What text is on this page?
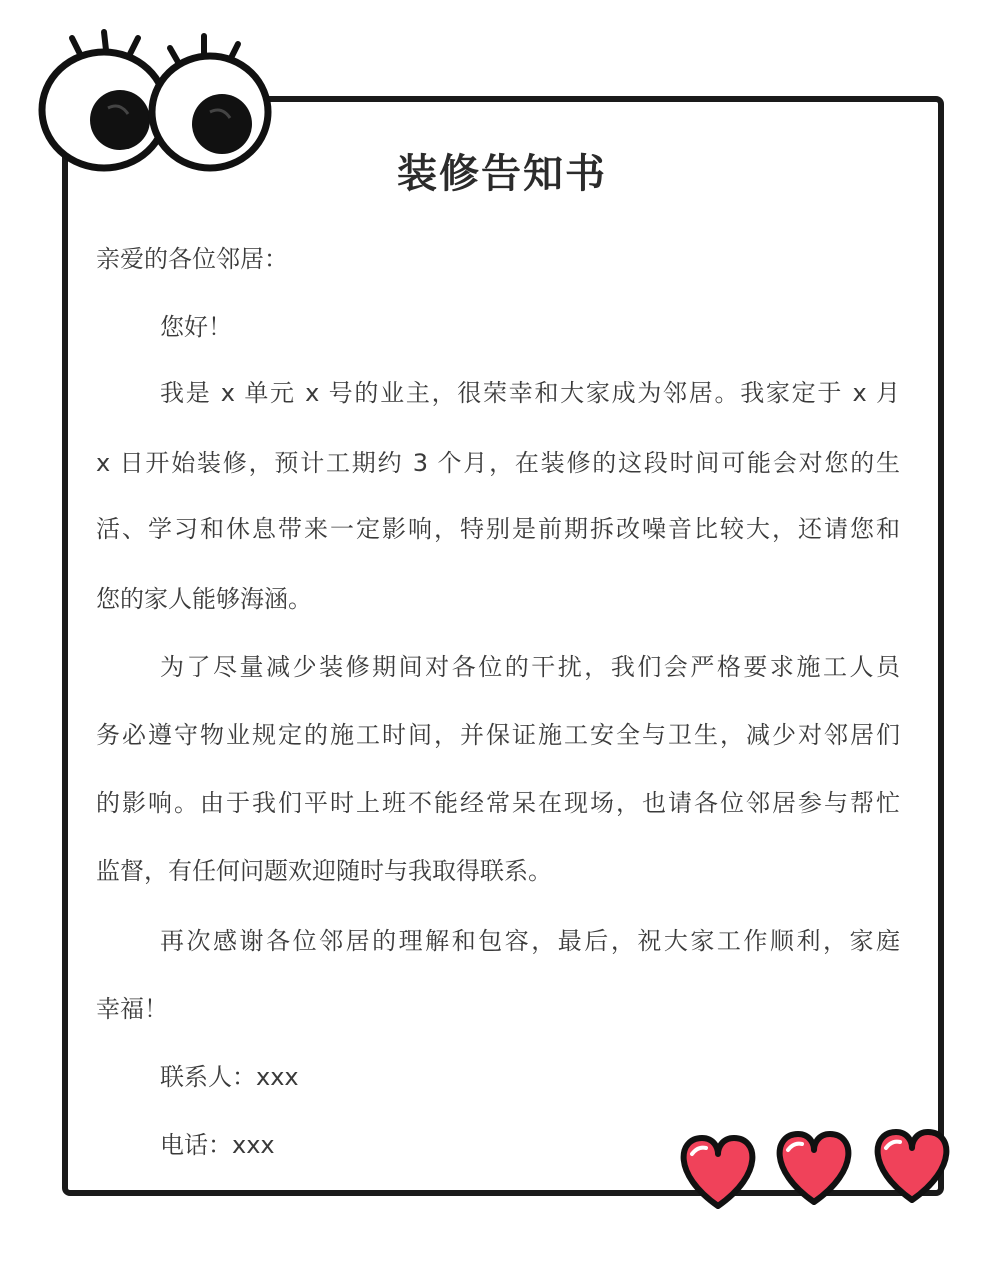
装修告知书
亲爱的各位邻居：
您好！
我是 x 单元 x 号的业主，很荣幸和大家成为邻居。我家定于 x 月
x 日开始装修，预计工期约 3 个月，在装修的这段时间可能会对您的生
活、学习和休息带来一定影响，特别是前期拆改噪音比较大，还请您和
您的家人能够海涵。
为了尽量减少装修期间对各位的干扰，我们会严格要求施工人员
务必遵守物业规定的施工时间，并保证施工安全与卫生，减少对邻居们
的影响。由于我们平时上班不能经常呆在现场，也请各位邻居参与帮忙
监督，有任何问题欢迎随时与我取得联系。
再次感谢各位邻居的理解和包容，最后，祝大家工作顺利，家庭
幸福！
联系人：xxx
电话：xxx
